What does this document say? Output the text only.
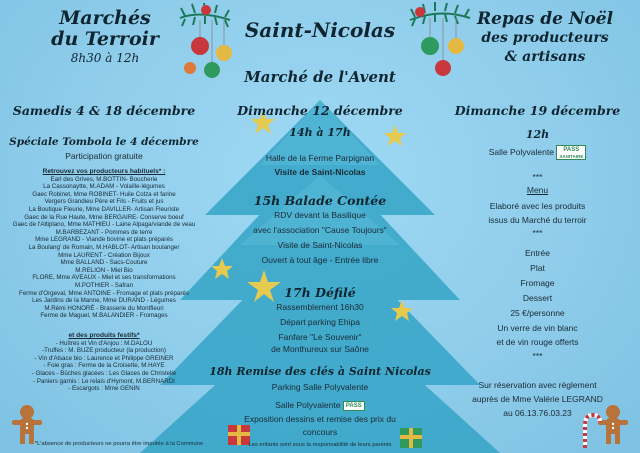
Marchés
du Terroir
8h30 à 12h
Saint-Nicolas
Marché de l'Avent
Repas de Noël
des producteurs
& artisans
Samedis 4 & 18 décembre
Spéciale Tombola le 4 décembre
Participation gratuite
Retrouvez vos producteurs habituels* :
Earl des Grives, M.BOTTIN- Boucherie
La Cassonaytte, M.ADAM - Volaille-légumes
Gaec Robinet, Mme ROBINET- Huile Colza et farine
Vergers Grandieu Père et Fils - Fruits et jus
La Boutique Fleurie, Mme DAVILLER- Artisan Fleuriste
Gaec de la Rue Haute, Mme BERGAIRE- Conserve boeuf
Gaec de l'Altiplano, Mme MATHIEU - Laine Alpaga/viande de veau
M.BARBEZANT - Pommes de terre
Mme LEGRAND - Viande bovine et plats préparés
La Boulang' de Romain, M.HABLOT- Artisan boulanger
Mme LAURENT - Création Bijoux
Mme BALLAND - Sacs-Couture
M.RELION - Miel Bio
FLORE, Mme AVEAUX - Miel et ses transformations
M.POTHIER - Safran
Ferme d'Orgeval, Mme ANTOINE - Fromage et plats préparés
Les Jardins de la Manne, Mme DURAND - Légumes
M.Rémi HONORÉ - Brasserie du Montfleuri
Ferme de Maguel, M.BALANDIER - Fromages
et des produits festifs*
- Huîtres et Vin d'Anjou : M.DALOU
-Truffes : M. BUZE producteur (la production)
- Vin d'Alsace bio : Laurence et Philippe GREINER
- Foie gras : Ferme de la Croisette, M.HAYE
- Glaces - Bûches glacées : Les Glaces de Christelle
- Paniers garnis : Le relais d'Hymont, M.BERNARDI
- Escargots : Mme GENIN
*L'absence de producteurs ne pourra être imputée à la Commune
Dimanche 12 décembre
14h à 17h
Halle de la Ferme Parpignan
Visite de Saint-Nicolas
15h Balade Contée
RDV devant la Basilique
avec l'association "Cause Toujours"
Visite de Saint-Nicolas
Ouvert à tout âge - Entrée libre
17h Défilé
Rassemblement 16h30
Départ parking Ehipa
Fanfare "Le Souvenir"
de Monthureux sur Saône
18h Remise des clés à Saint Nicolas
Parking Salle Polyvalente
Salle Polyvalente PASS
Exposition dessins et remise des prix du
concours
Les enfants sont sous la responsabilité de leurs parents
Dimanche 19 décembre
12h
Salle Polyvalente PASS
SANITAIRE
***
Menu
Elaboré avec les produits
issus du Marché du terroir
***
Entrée
Plat
Fromage
Dessert
25 €/personne
Un verre de vin blanc
et de vin rouge offerts
***
Sur réservation avec règlement
auprès de Mme Valérie LEGRAND
au 06.13.76.03.23
